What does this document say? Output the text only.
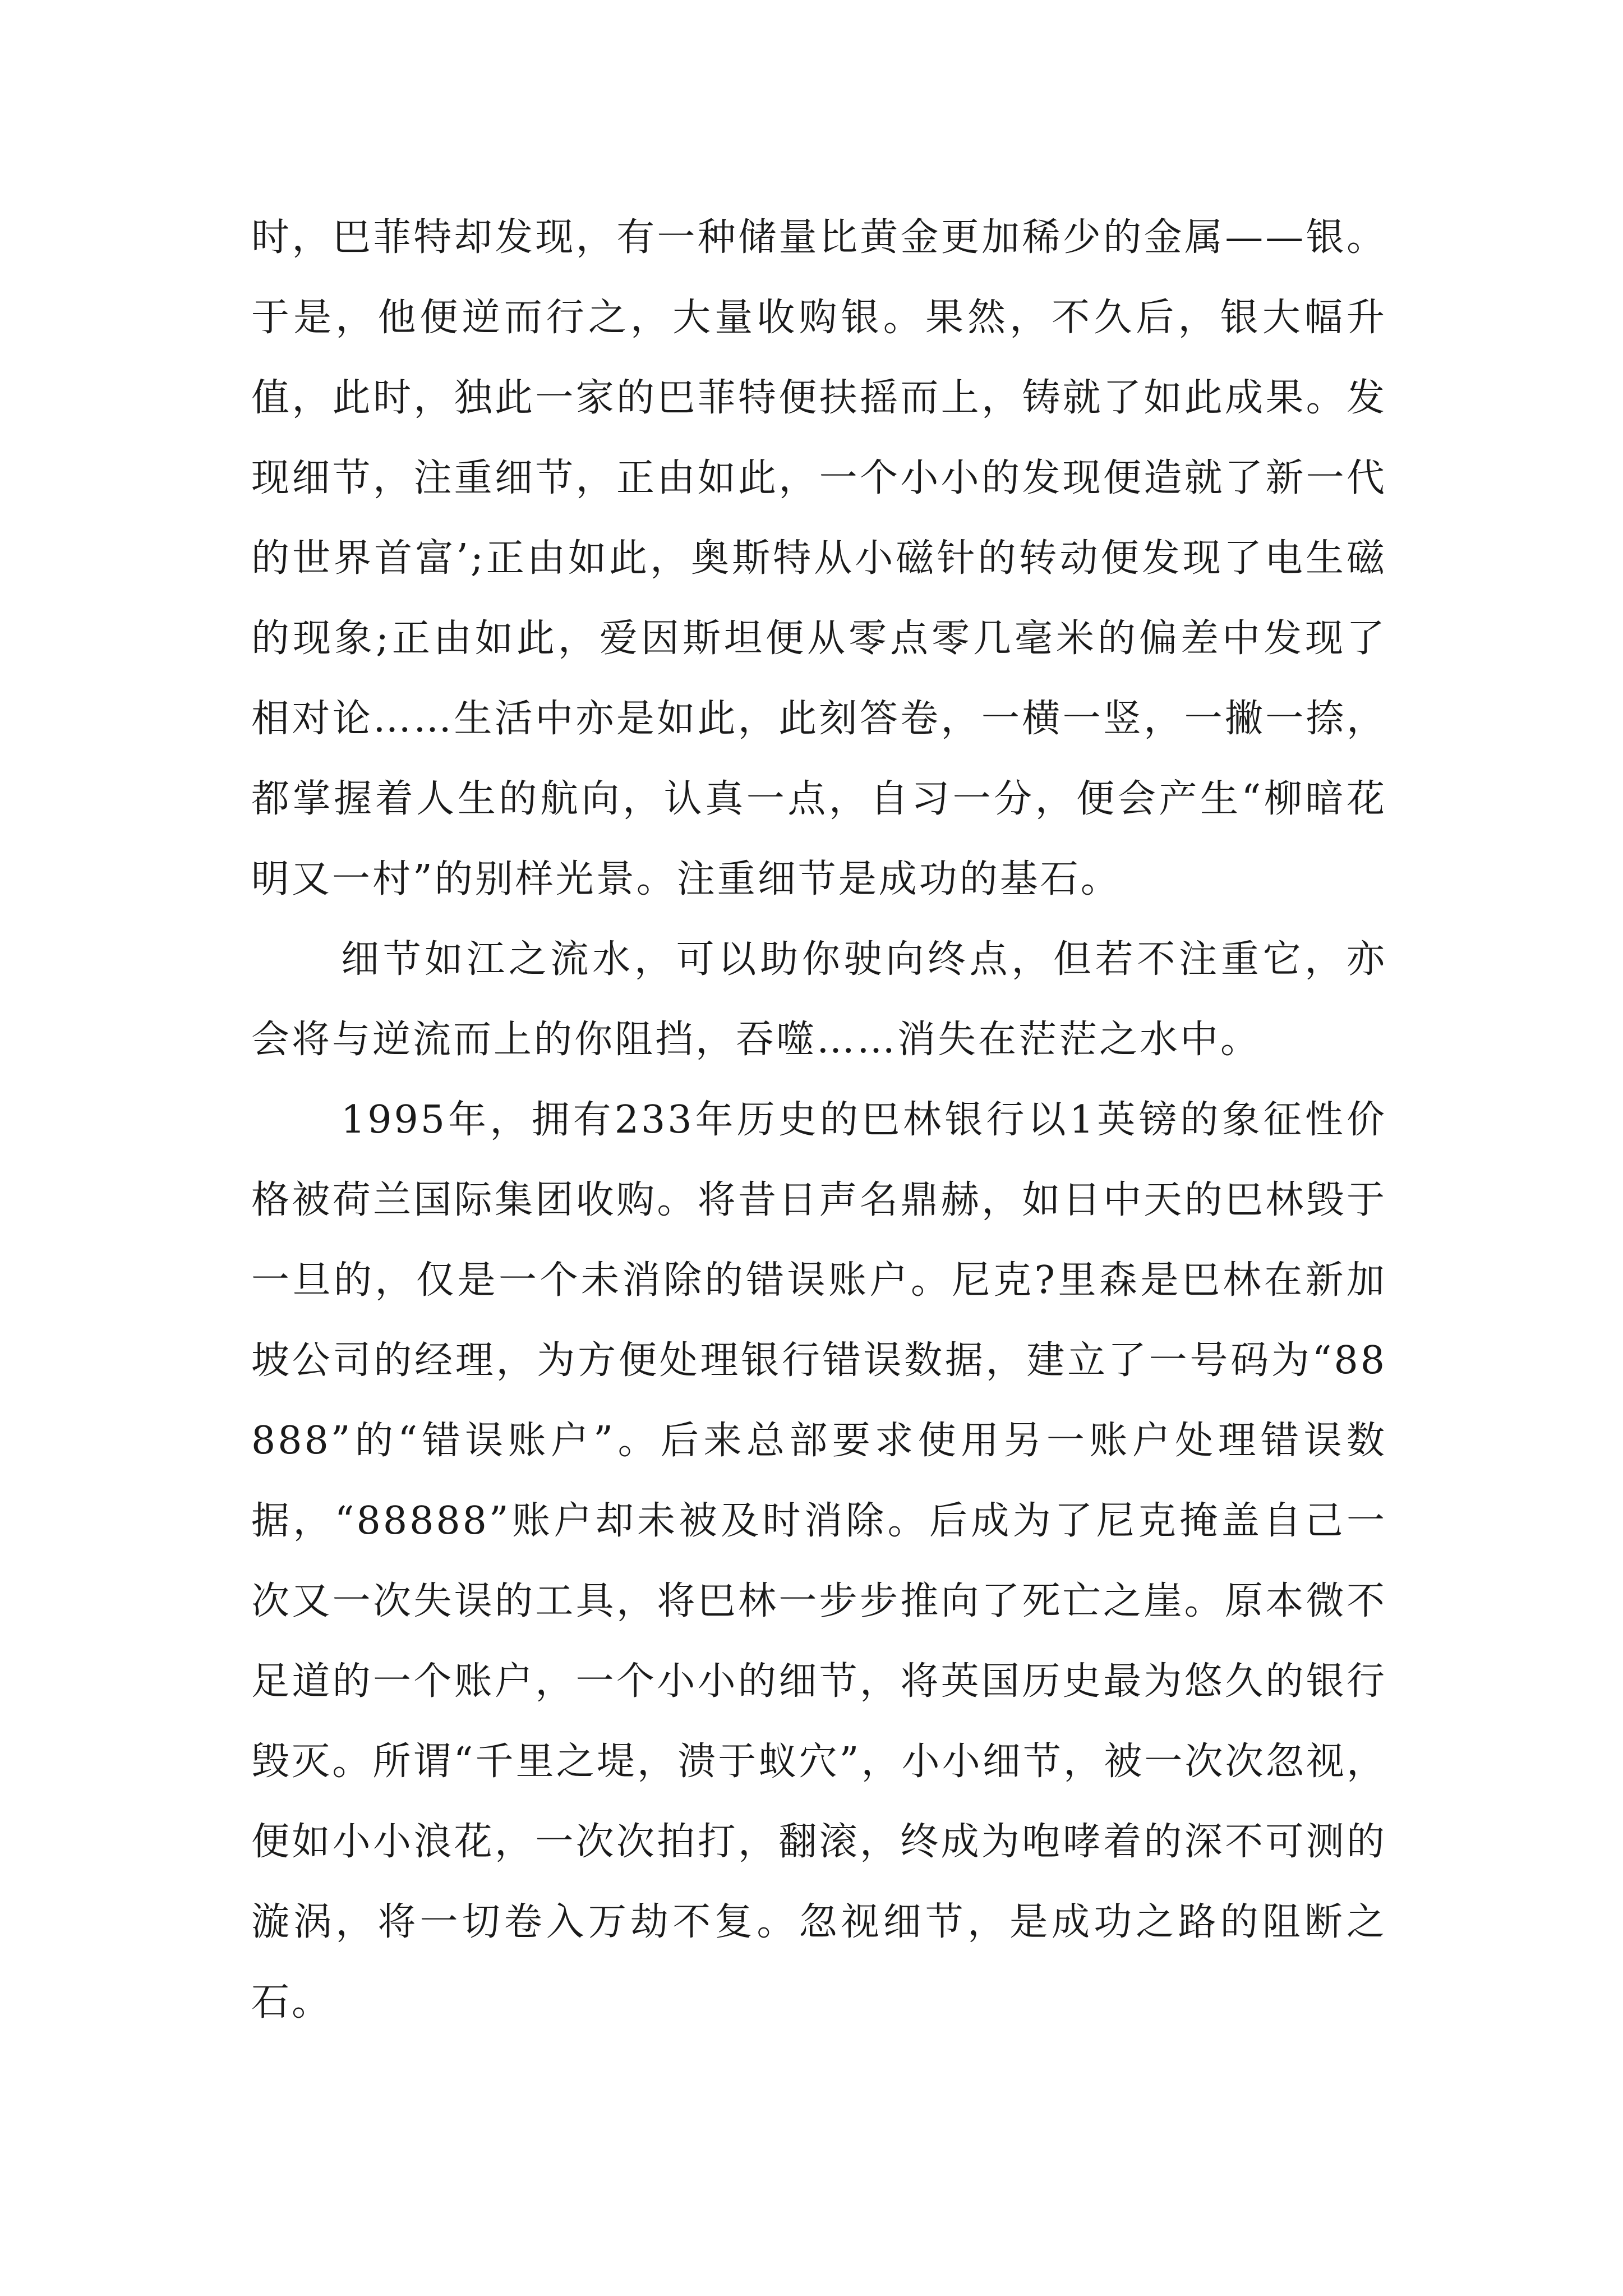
时，巴菲特却发现，有一种储量比黄金更加稀少的金属——银。于是，他便逆而行之，大量收购银。果然，不久后，银大幅升值，此时，独此一家的巴菲特便扶摇而上，铸就了如此成果。发现细节，注重细节，正由如此，一个小小的发现便造就了新一代的世界首富’;正由如此，奥斯特从小磁针的转动便发现了电生磁的现象;正由如此，爱因斯坦便从零点零几毫米的偏差中发现了相对论……生活中亦是如此，此刻答卷，一横一竖，一撇一捺，都掌握着人生的航向，认真一点，自习一分，便会产生“柳暗花明又一村”的别样光景。注重细节是成功的基石。

细节如江之流水，可以助你驶向终点，但若不注重它，亦会将与逆流而上的你阻挡，吞噬……消失在茫茫之水中。

1995年，拥有233年历史的巴林银行以1英镑的象征性价格被荷兰国际集团收购。将昔日声名鼎赫，如日中天的巴林毁于一旦的，仅是一个未消除的错误账户。尼克?里森是巴林在新加坡公司的经理，为方便处理银行错误数据，建立了一号码为“88888”的“错误账户”。后来总部要求使用另一账户处理错误数据，“88888”账户却未被及时消除。后成为了尼克掩盖自己一次又一次失误的工具，将巴林一步步推向了死亡之崖。原本微不足道的一个账户，一个小小的细节，将英国历史最为悠久的银行毁灭。所谓“千里之堤，溃于蚁穴”，小小细节，被一次次忽视，便如小小浪花，一次次拍打，翻滚，终成为咆哮着的深不可测的漩涡，将一切卷入万劫不复。忽视细节，是成功之路的阻断之石。
